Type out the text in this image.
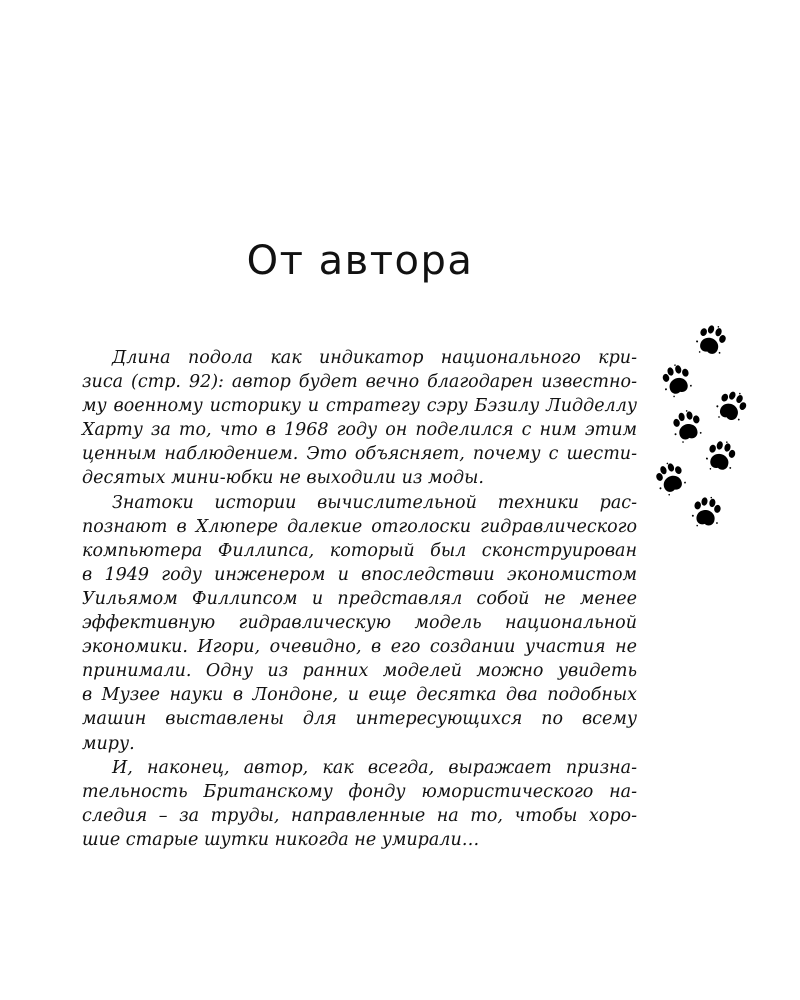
От автора
Длина подола как индикатор национального кри-
зиса (стр. 92): автор будет вечно благодарен известно-
му военному историку и стратегу сэру Бэзилу Лидделлу
Харту за то, что в 1968 году он поделился с ним этим
ценным наблюдением. Это объясняет, почему с шести-
десятых мини-юбки не выходили из моды.
Знатоки истории вычислительной техники рас-
познают в Хлюпере далекие отголоски гидравлического
компьютера Филлипса, который был сконструирован
в 1949 году инженером и впоследствии экономистом
Уильямом Филлипсом и представлял собой не менее
эффективную гидравлическую модель национальной
экономики. Игори, очевидно, в его создании участия не
принимали. Одну из ранних моделей можно увидеть
в Музее науки в Лондоне, и еще десятка два подобных
машин выставлены для интересующихся по всему
миру.
И, наконец, автор, как всегда, выражает призна-
тельность Британскому фонду юмористического на-
следия – за труды, направленные на то, чтобы хоро-
шие старые шутки никогда не умирали…
